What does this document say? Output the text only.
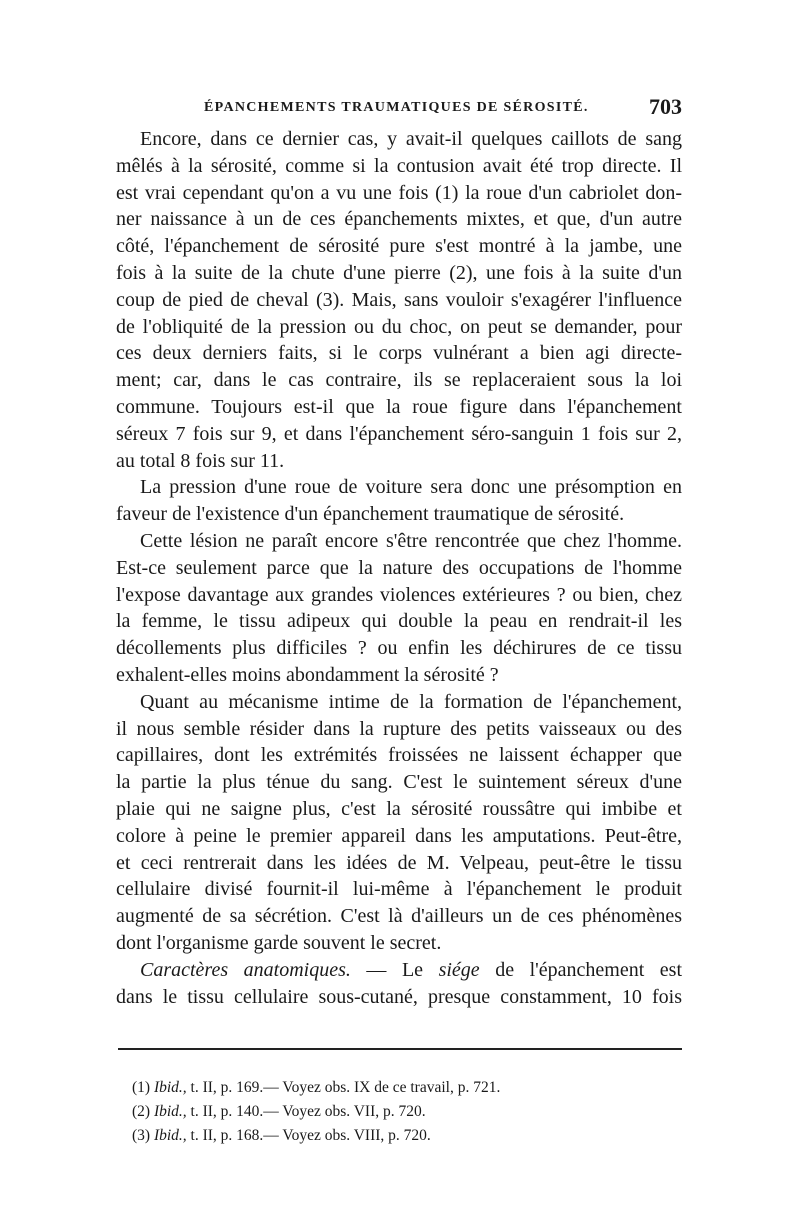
ÉPANCHEMENTS TRAUMATIQUES DE SÉROSITÉ.	703
Encore, dans ce dernier cas, y avait-il quelques caillots de sang
mêlés à la sérosité, comme si la contusion avait été trop directe. Il
est vrai cependant qu'on a vu une fois (1) la roue d'un cabriolet don-
ner naissance à un de ces épanchements mixtes, et que, d'un autre
côté, l'épanchement de sérosité pure s'est montré à la jambe, une
fois à la suite de la chute d'une pierre (2), une fois à la suite d'un
coup de pied de cheval (3). Mais, sans vouloir s'exagérer l'influence
de l'obliquité de la pression ou du choc, on peut se demander, pour
ces deux derniers faits, si le corps vulnérant a bien agi directe-
ment; car, dans le cas contraire, ils se replaceraient sous la loi
commune. Toujours est-il que la roue figure dans l'épanchement
séreux 7 fois sur 9, et dans l'épanchement séro-sanguin 1 fois sur 2,
au total 8 fois sur 11.
La pression d'une roue de voiture sera donc une présomption en
faveur de l'existence d'un épanchement traumatique de sérosité.
Cette lésion ne paraît encore s'être rencontrée que chez l'homme.
Est-ce seulement parce que la nature des occupations de l'homme
l'expose davantage aux grandes violences extérieures ? ou bien, chez
la femme, le tissu adipeux qui double la peau en rendrait-il les
décollements plus difficiles ? ou enfin les déchirures de ce tissu
exhalent-elles moins abondamment la sérosité ?
Quant au mécanisme intime de la formation de l'épanchement,
il nous semble résider dans la rupture des petits vaisseaux ou des
capillaires, dont les extrémités froissées ne laissent échapper que
la partie la plus ténue du sang. C'est le suintement séreux d'une
plaie qui ne saigne plus, c'est la sérosité roussâtre qui imbibe et
colore à peine le premier appareil dans les amputations. Peut-être,
et ceci rentrerait dans les idées de M. Velpeau, peut-être le tissu
cellulaire divisé fournit-il lui-même à l'épanchement le produit
augmenté de sa sécrétion. C'est là d'ailleurs un de ces phénomènes
dont l'organisme garde souvent le secret.
Caractères anatomiques. — Le siége de l'épanchement est
dans le tissu cellulaire sous-cutané, presque constamment, 10 fois
(1) Ibid., t. II, p. 169.— Voyez obs. IX de ce travail, p. 721.
(2) Ibid., t. II, p. 140.— Voyez obs. VII, p. 720.
(3) Ibid., t. II, p. 168.— Voyez obs. VIII, p. 720.
